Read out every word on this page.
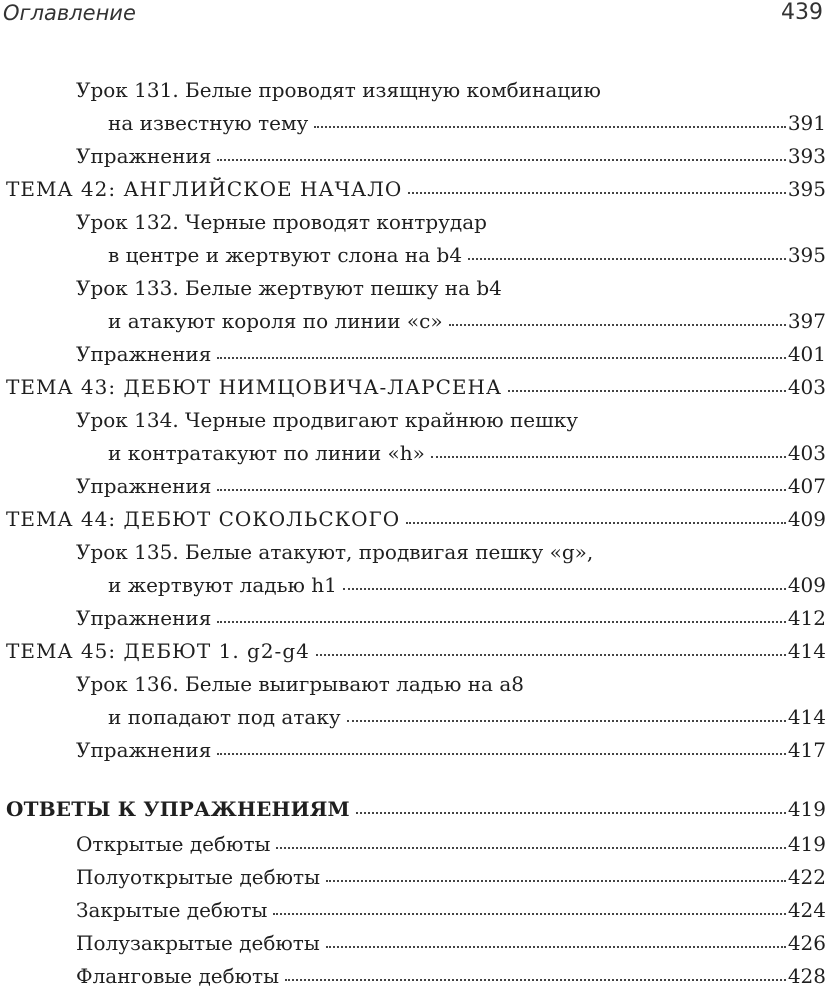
Оглавление	439
Урок 131. Белые проводят изящную комбинацию
на известную тему	391
Упражнения	393
ТЕМА 42: АНГЛИЙСКОЕ НАЧАЛО	395
Урок 132. Черные проводят контрудар
в центре и жертвуют слона на b4	395
Урок 133. Белые жертвуют пешку на b4
и атакуют короля по линии «с»	397
Упражнения	401
ТЕМА 43: ДЕБЮТ НИМЦОВИЧА-ЛАРСЕНА	403
Урок 134. Черные продвигают крайнюю пешку
и контратакуют по линии «h»	403
Упражнения	407
ТЕМА 44: ДЕБЮТ СОКОЛЬСКОГО	409
Урок 135. Белые атакуют, продвигая пешку «g»,
и жертвуют ладью h1	409
Упражнения	412
ТЕМА 45: ДЕБЮТ 1. g2-g4	414
Урок 136. Белые выигрывают ладью на а8
и попадают под атаку	414
Упражнения	417
ОТВЕТЫ К УПРАЖНЕНИЯМ	419
Открытые дебюты	419
Полуоткрытые дебюты	422
Закрытые дебюты	424
Полузакрытые дебюты	426
Фланговые дебюты	428
